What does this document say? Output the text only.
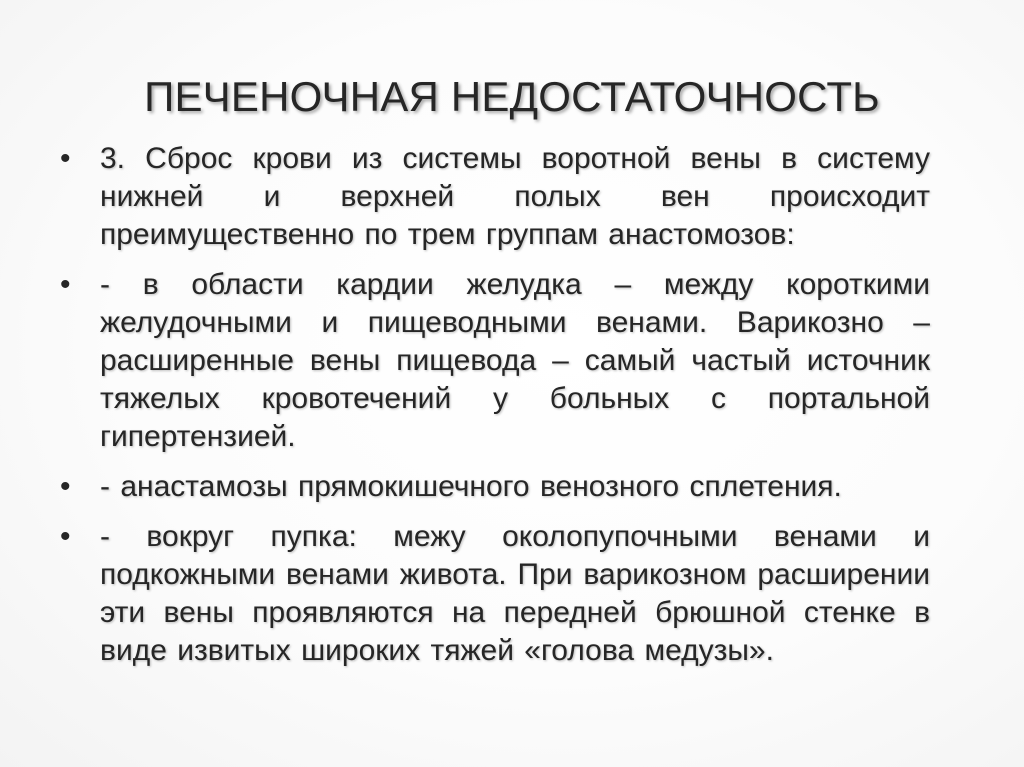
ПЕЧЕНОЧНАЯ НЕДОСТАТОЧНОСТЬ
• 3. Сброс крови из системы воротной вены в систему нижней и верхней полых вен происходит преимущественно по трем группам анастомозов:
• - в области кардии желудка – между короткими желудочными и пищеводными венами. Варикозно – расширенные вены пищевода – самый частый источник тяжелых кровотечений у больных с портальной гипертензией.
• - анастамозы прямокишечного венозного сплетения.
• - вокруг пупка: межу околопупочными венами и подкожными венами живота. При варикозном расширении эти вены проявляются на передней брюшной стенке в виде извитых широких тяжей «голова медузы».
